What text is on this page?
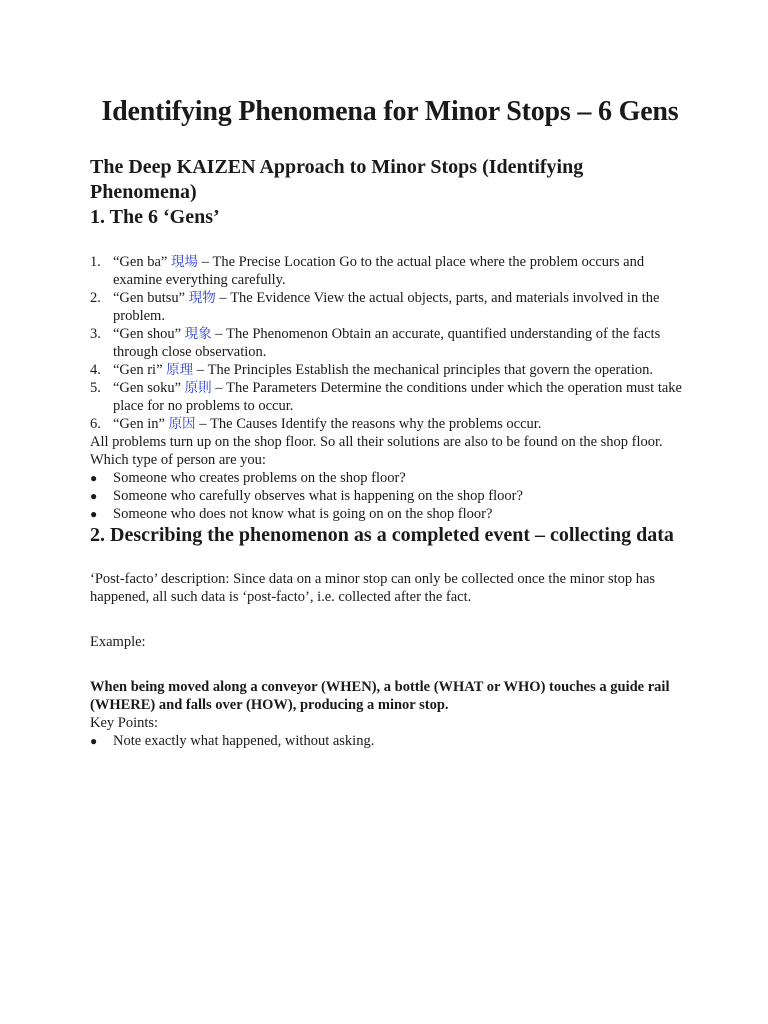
Identifying Phenomena for Minor Stops – 6 Gens
The Deep KAIZEN Approach to Minor Stops (Identifying Phenomena)
1. The 6 ‘Gens’
1. “Gen ba” 現場 – The Precise Location Go to the actual place where the problem occurs and examine everything carefully.
2. “Gen butsu” 現物 – The Evidence View the actual objects, parts, and materials involved in the problem.
3. “Gen shou” 現象 – The Phenomenon Obtain an accurate, quantified understanding of the facts through close observation.
4. “Gen ri” 原理 – The Principles Establish the mechanical principles that govern the operation.
5. “Gen soku” 原則 – The Parameters Determine the conditions under which the operation must take place for no problems to occur.
6. “Gen in” 原因 – The Causes Identify the reasons why the problems occur.

All problems turn up on the shop floor. So all their solutions are also to be found on the shop floor. Which type of person are you:

● Someone who creates problems on the shop floor?
● Someone who carefully observes what is happening on the shop floor?
● Someone who does not know what is going on on the shop floor?
2. Describing the phenomenon as a completed event – collecting data

‘Post-facto’ description: Since data on a minor stop can only be collected once the minor stop has happened, all such data is ‘post-facto’, i.e. collected after the fact.

Example:

When being moved along a conveyor (WHEN), a bottle (WHAT or WHO) touches a guide rail (WHERE) and falls over (HOW), producing a minor stop.

Key Points:

● Note exactly what happened, without asking.
